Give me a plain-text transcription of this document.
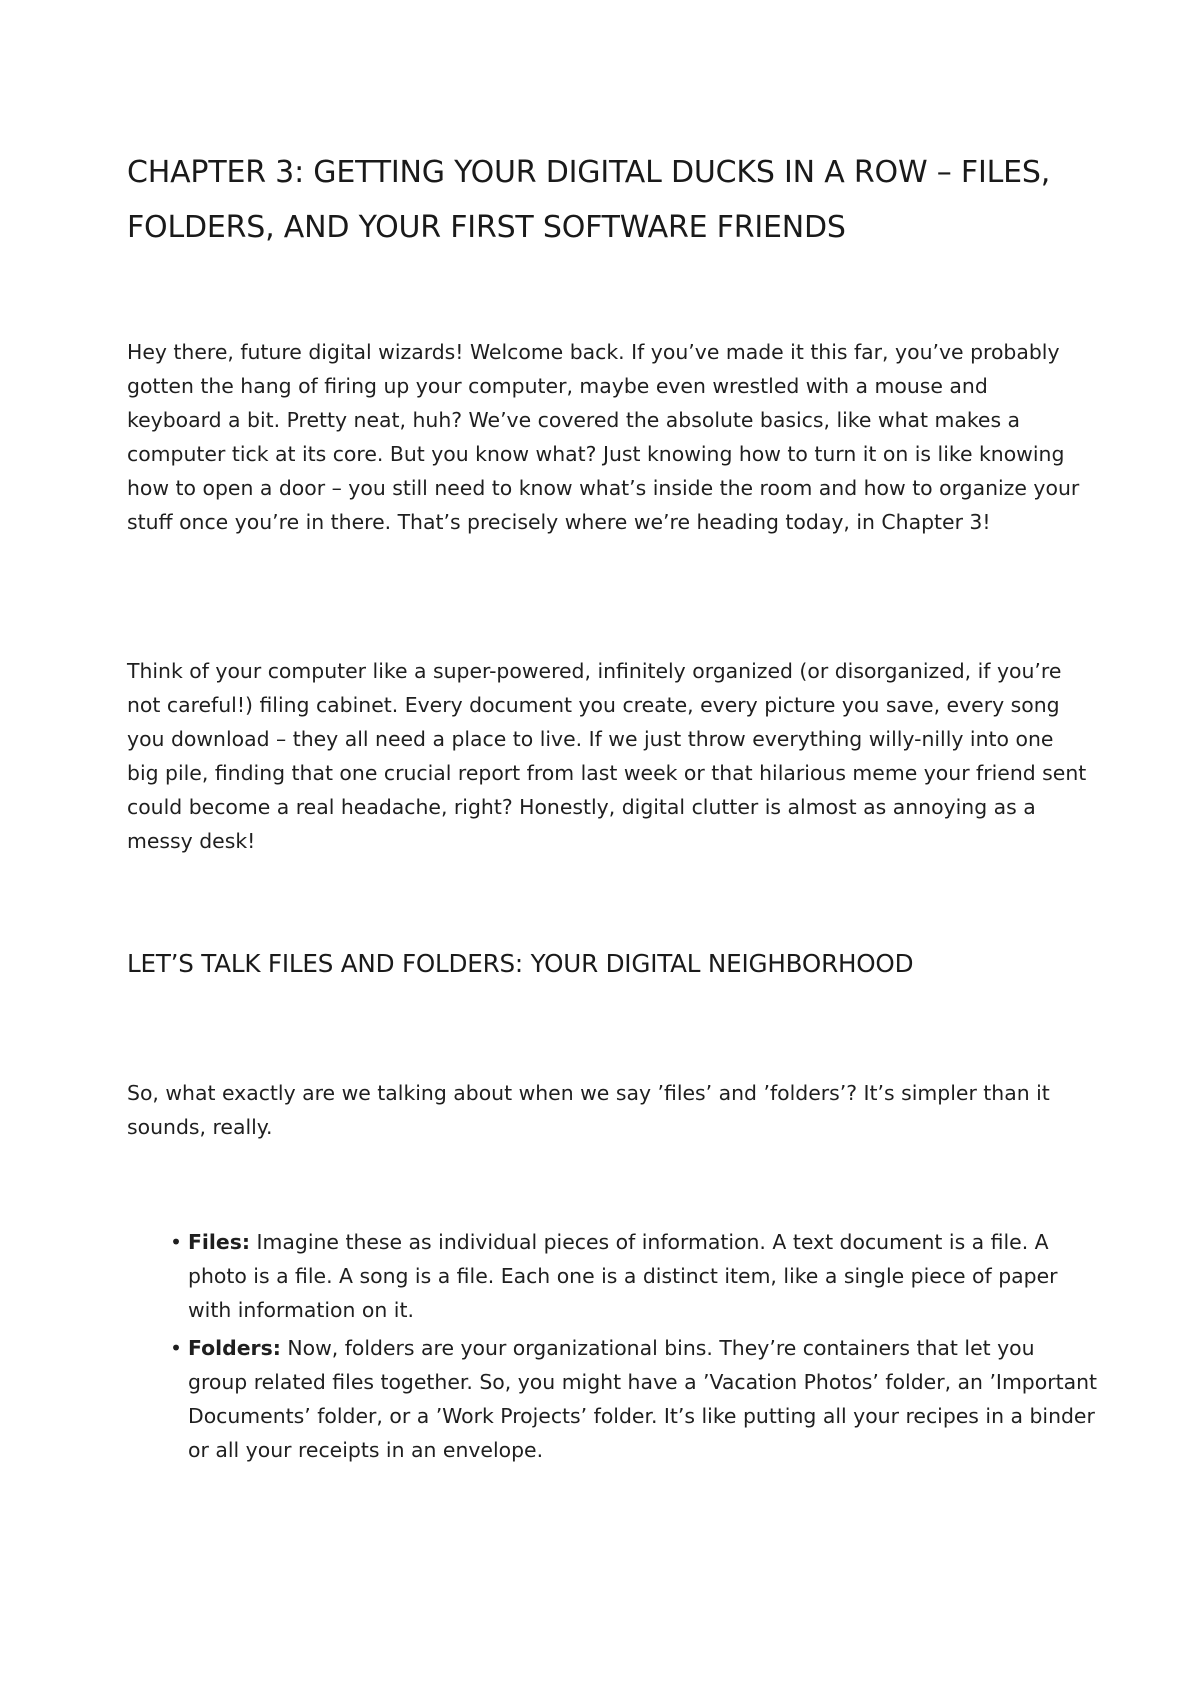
CHAPTER 3: GETTING YOUR DIGITAL DUCKS IN A ROW – FILES, FOLDERS, AND YOUR FIRST SOFTWARE FRIENDS

Hey there, future digital wizards! Welcome back. If you’ve made it this far, you’ve probably gotten the hang of firing up your computer, maybe even wrestled with a mouse and keyboard a bit. Pretty neat, huh? We’ve covered the absolute basics, like what makes a computer tick at its core. But you know what? Just knowing how to turn it on is like knowing how to open a door – you still need to know what’s inside the room and how to organize your stuff once you’re in there. That’s precisely where we’re heading today, in Chapter 3!

Think of your computer like a super-powered, infinitely organized (or disorganized, if you’re not careful!) filing cabinet. Every document you create, every picture you save, every song you download – they all need a place to live. If we just throw everything willy-nilly into one big pile, finding that one crucial report from last week or that hilarious meme your friend sent could become a real headache, right? Honestly, digital clutter is almost as annoying as a messy desk!

LET’S TALK FILES AND FOLDERS: YOUR DIGITAL NEIGHBORHOOD

So, what exactly are we talking about when we say ’files’ and ’folders’? It’s simpler than it sounds, really.

• Files: Imagine these as individual pieces of information. A text document is a file. A photo is a file. A song is a file. Each one is a distinct item, like a single piece of paper with information on it.
• Folders: Now, folders are your organizational bins. They’re containers that let you group related files together. So, you might have a ’Vacation Photos’ folder, an ’Important Documents’ folder, or a ’Work Projects’ folder. It’s like putting all your recipes in a binder or all your receipts in an envelope.
